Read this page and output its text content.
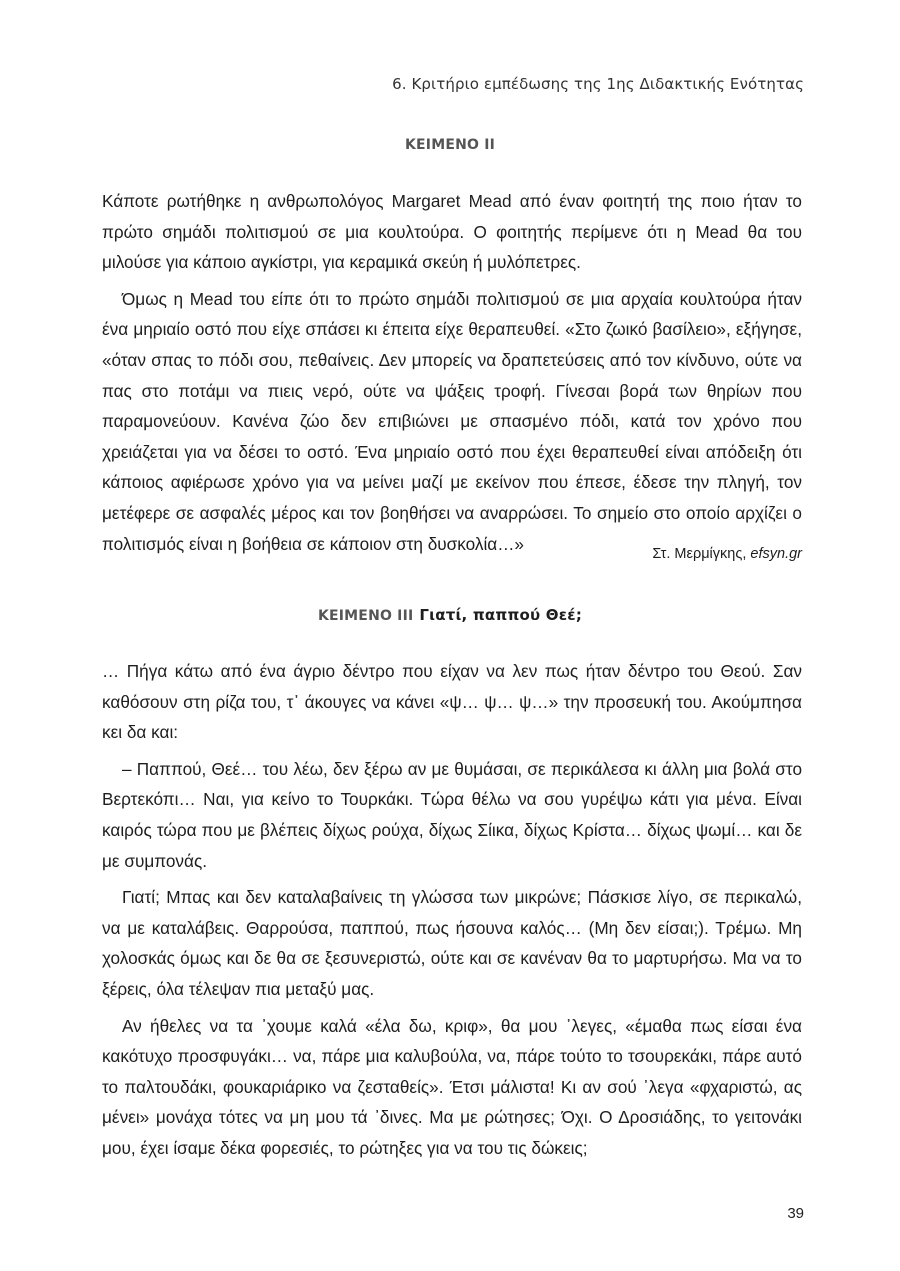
6. Κριτήριο εμπέδωσης της 1ης Διδακτικής Ενότητας
ΚΕΙΜΕΝΟ ΙΙ

Κάποτε ρωτήθηκε η ανθρωπολόγος Margaret Mead από έναν φοιτητή της ποιο ήταν το πρώτο σημάδι πολιτισμού σε μια κουλτούρα. Ο φοιτητής περίμενε ότι η Mead θα του μιλούσε για κάποιο αγκίστρι, για κεραμικά σκεύη ή μυλόπετρες.

Όμως η Mead του είπε ότι το πρώτο σημάδι πολιτισμού σε μια αρχαία κουλτούρα ήταν ένα μηριαίο οστό που είχε σπάσει κι έπειτα είχε θεραπευθεί. «Στο ζωικό βασίλειο», εξήγησε, «όταν σπας το πόδι σου, πεθαίνεις. Δεν μπορείς να δραπετεύσεις από τον κίνδυνο, ούτε να πας στο ποτάμι να πιεις νερό, ούτε να ψάξεις τροφή. Γίνεσαι βορά των θηρίων που παραμονεύουν. Κανένα ζώο δεν επιβιώνει με σπασμένο πόδι, κατά τον χρόνο που χρειάζεται για να δέσει το οστό. Ένα μηριαίο οστό που έχει θεραπευθεί είναι απόδειξη ότι κάποιος αφιέρωσε χρόνο για να μείνει μαζί με εκείνον που έπεσε, έδεσε την πληγή, τον μετέφερε σε ασφαλές μέρος και τον βοηθήσει να αναρρώσει. Το σημείο στο οποίο αρχίζει ο πολιτισμός είναι η βοήθεια σε κάποιον στη δυσκολία…»

Στ. Μερμίγκης, efsyn.gr
ΚΕΙΜΕΝΟ ΙΙΙ Γιατί, παππού Θεέ;

… Πήγα κάτω από ένα άγριο δέντρο που είχαν να λεν πως ήταν δέντρο του Θεού. Σαν καθόσουν στη ρίζα του, τ᾽ άκουγες να κάνει «ψ… ψ… ψ…» την προσευκή του. Ακούμπησα κει δα και:

– Παππού, Θεέ… του λέω, δεν ξέρω αν με θυμάσαι, σε περικάλεσα κι άλλη μια βολά στο Βερτεκόπι… Ναι, για κείνο το Τουρκάκι. Τώρα θέλω να σου γυρέψω κάτι για μένα. Είναι καιρός τώρα που με βλέπεις δίχως ρούχα, δίχως Σίικα, δίχως Κρίστα… δίχως ψωμί… και δε με συμπονάς.

Γιατί; Μπας και δεν καταλαβαίνεις τη γλώσσα των μικρώνε; Πάσκισε λίγο, σε περικαλώ, να με καταλάβεις. Θαρρούσα, παππού, πως ήσουνα καλός… (Μη δεν είσαι;). Τρέμω. Μη χολοσκάς όμως και δε θα σε ξεσυνεριστώ, ούτε και σε κανέναν θα το μαρτυρήσω. Μα να το ξέρεις, όλα τέλεψαν πια μεταξύ μας.

Αν ήθελες να τα ᾽χουμε καλά «έλα δω, κριφ», θα μου ᾽λεγες, «έμαθα πως είσαι ένα κακότυχο προσφυγάκι… να, πάρε μια καλυβούλα, να, πάρε τούτο το τσουρεκάκι, πάρε αυτό το παλτουδάκι, φουκαριάρικο να ζεσταθείς». Έτσι μάλιστα! Κι αν σού ᾽λεγα «φχαριστώ, ας μένει» μονάχα τότες να μη μου τά ᾽δινες. Μα με ρώτησες; Όχι. Ο Δροσιάδης, το γειτονάκι μου, έχει ίσαμε δέκα φορεσιές, το ρώτηξες για να του τις δώκεις;

39
